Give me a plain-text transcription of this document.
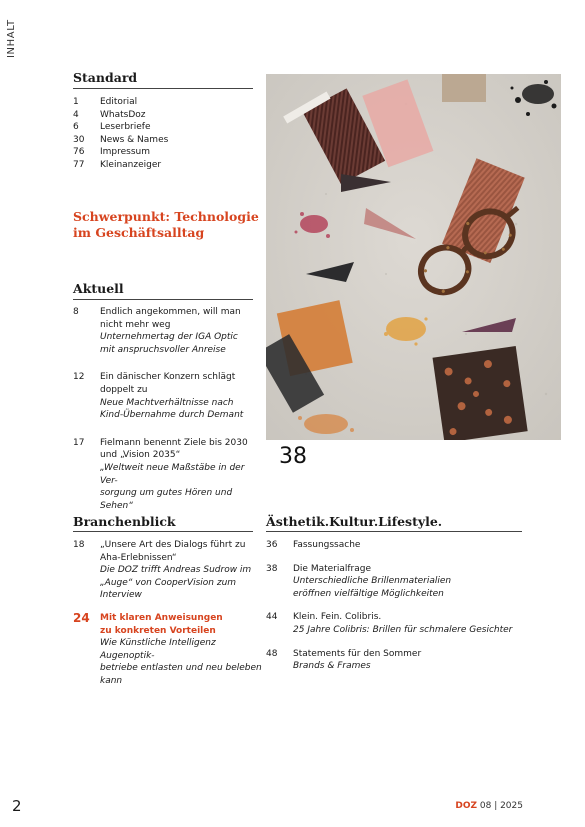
INHALT
Standard
1	Editorial
4	WhatsDoz
6	Leserbriefe
30	News & Names
76	Impressum
77	Kleinanzeiger
Schwerpunkt: Technologie
im Geschäftsalltag
Aktuell
8	Endlich angekommen, will man
nicht mehr weg
Unternehmertag der IGA Optic
mit anspruchsvoller Anreise
12	Ein dänischer Konzern schlägt
doppelt zu
Neue Machtverhältnisse nach
Kind-Übernahme durch Demant
17	Fielmann benennt Ziele bis 2030
und „Vision 2035“
„Weltweit neue Maßstäbe in der Ver-
sorgung um gutes Hören und Sehen“
38
Branchenblick
18	„Unsere Art des Dialogs führt zu
Aha-Erlebnissen“
Die DOZ trifft Andreas Sudrow im
„Auge“ von CooperVision zum Interview
24	Mit klaren Anweisungen
zu konkreten Vorteilen
Wie Künstliche Intelligenz Augenoptik-
betriebe entlasten und neu beleben
kann
Ästhetik.Kultur.Lifestyle.
36	Fassungssache
38	Die Materialfrage
Unterschiedliche Brillenmaterialien
eröffnen vielfältige Möglichkeiten
44	Klein. Fein. Colibris.
25 Jahre Colibris: Brillen für schmalere Gesichter
48	Statements für den Sommer
Brands & Frames
2	DOZ 08 | 2025
